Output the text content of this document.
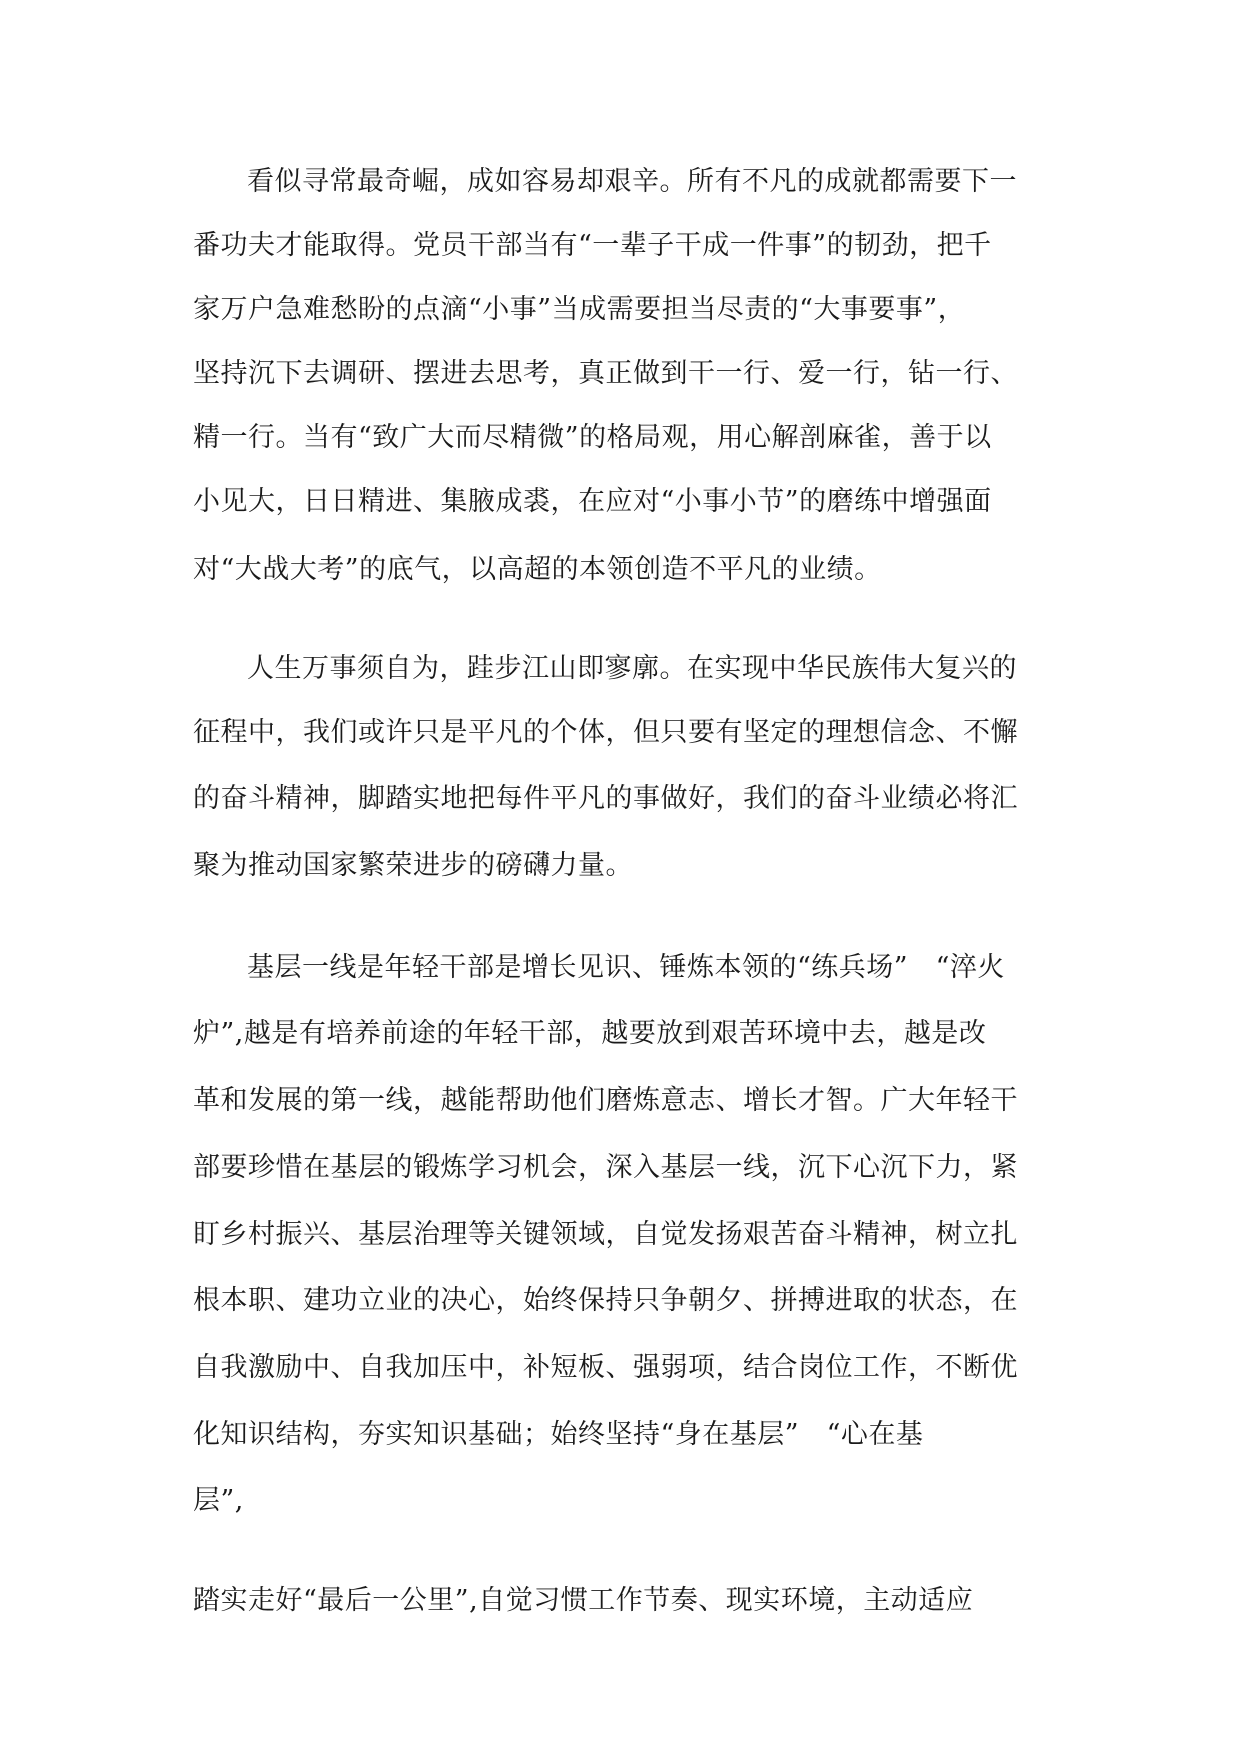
看似寻常最奇崛，成如容易却艰辛。所有不凡的成就都需要下一
番功夫才能取得。党员干部当有“一辈子干成一件事”的韧劲，把千
家万户急难愁盼的点滴“小事”当成需要担当尽责的“大事要事”，
坚持沉下去调研、摆进去思考，真正做到干一行、爱一行，钻一行、
精一行。当有“致广大而尽精微”的格局观，用心解剖麻雀，善于以
小见大，日日精进、集腋成裘，在应对“小事小节”的磨练中增强面
对“大战大考”的底气，以高超的本领创造不平凡的业绩。
人生万事须自为，跬步江山即寥廓。在实现中华民族伟大复兴的
征程中，我们或许只是平凡的个体，但只要有坚定的理想信念、不懈
的奋斗精神，脚踏实地把每件平凡的事做好，我们的奋斗业绩必将汇
聚为推动国家繁荣进步的磅礴力量。
基层一线是年轻干部是增长见识、锤炼本领的“练兵场”　“淬火
炉”,越是有培养前途的年轻干部，越要放到艰苦环境中去，越是改
革和发展的第一线，越能帮助他们磨炼意志、增长才智。广大年轻干
部要珍惜在基层的锻炼学习机会，深入基层一线，沉下心沉下力，紧
盯乡村振兴、基层治理等关键领域，自觉发扬艰苦奋斗精神，树立扎
根本职、建功立业的决心，始终保持只争朝夕、拼搏进取的状态，在
自我激励中、自我加压中，补短板、强弱项，结合岗位工作，不断优
化知识结构，夯实知识基础；始终坚持“身在基层”　“心在基
层”,
踏实走好“最后一公里”,自觉习惯工作节奏、现实环境，主动适应
